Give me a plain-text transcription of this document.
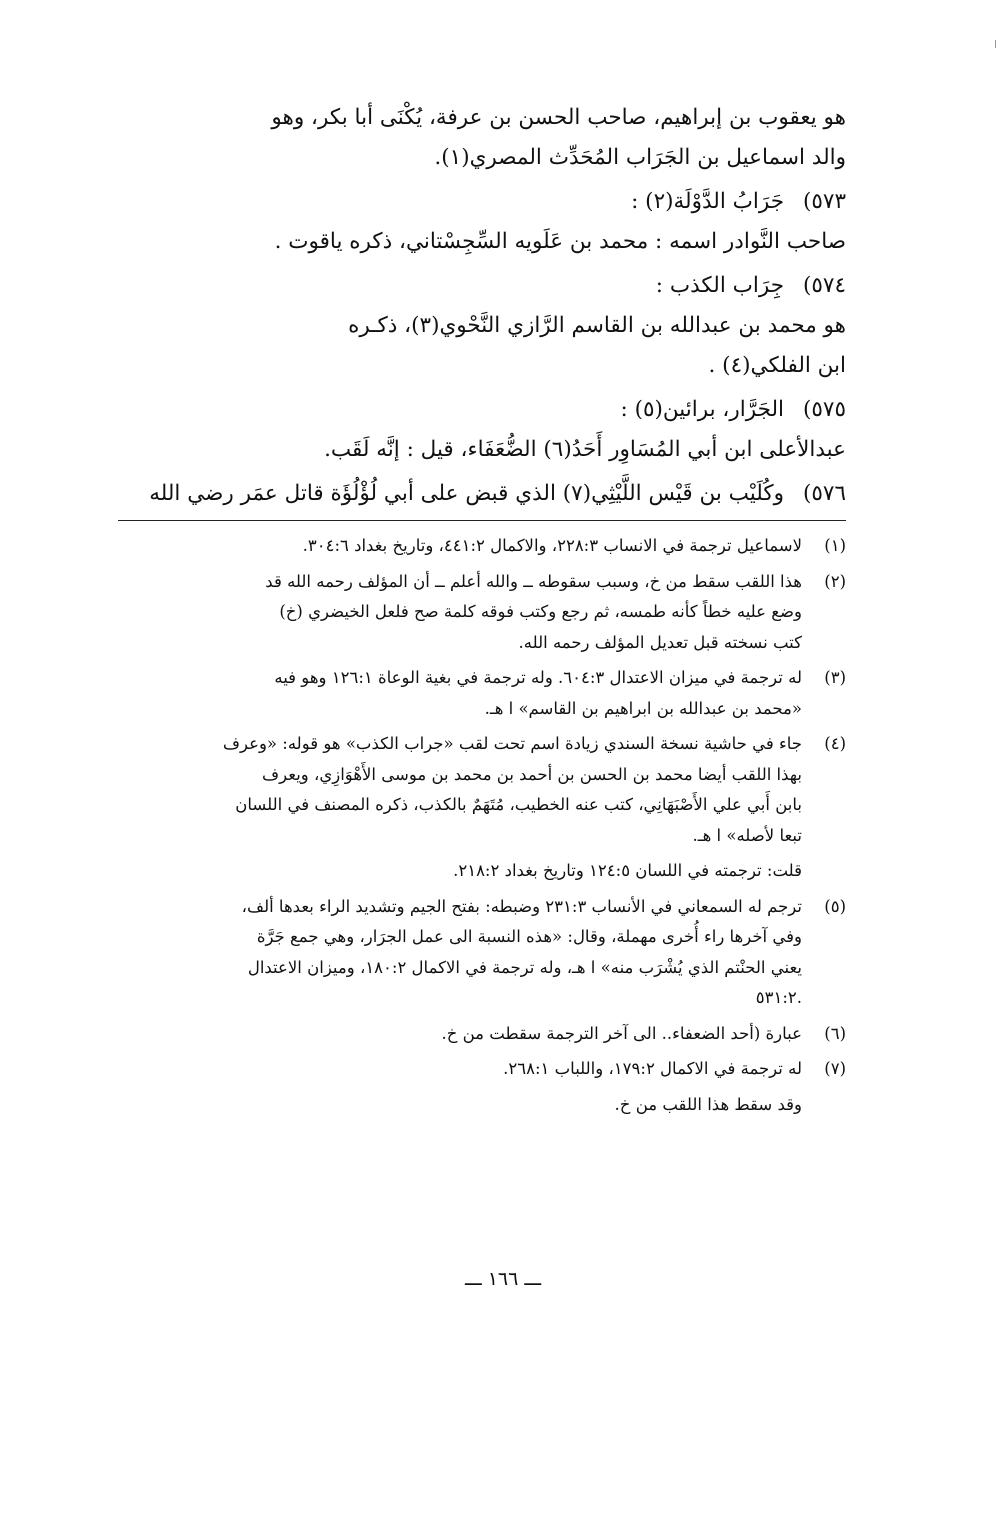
هو يعقوب بن إبراهيم، صاحب الحسن بن عرفة، يُكْنَى أبا بكر، وهو
والد اسماعيل بن الجَرَاب المُحَدِّث المصري(١).
٥٧٣)
جَرَابُ الدَّوْلَة(٢) :
صاحب النَّوادر اسمه : محمد بن عَلَويه السِّجِسْتاني، ذكره ياقوت .
٥٧٤)
جِرَاب الكذب :
هو محمد بن عبدالله بن القاسم الرَّازي النَّحْوي(٣)، ذكـره
ابن الفلكي(٤) .
٥٧٥)
الجَرَّار، برائين(٥) :
عبدالأعلى ابن أبي المُسَاوِر أَحَدُ(٦) الضُّعَفَاء، قيل : إنَّه لَقَب.
٥٧٦)
وكُلَيْب بن قَيْس اللَّيْثِي(٧) الذي قبض على أبي لُؤْلُؤَة قاتل عمَر رضي الله
(١)
لاسماعيل ترجمة في الانساب ٢٢٨:٣، والاكمال ٤٤١:٢، وتاريخ بغداد ٣٠٤:٦.
(٢)
هذا اللقب سقط من خ، وسبب سقوطه ــ والله أعلم ــ أن المؤلف رحمه الله قد
وضع عليه خطاً كأنه طمسه، ثم رجع وكتب فوقه كلمة صح فلعل الخيضري (خ)
كتب نسخته قبل تعديل المؤلف رحمه الله.
(٣)
له ترجمة في ميزان الاعتدال ٦٠٤:٣. وله ترجمة في بغية الوعاة ١٢٦:١ وهو فيه
«محمد بن عبدالله بن ابراهيم بن القاسم» ا هـ.
(٤)
جاء في حاشية نسخة السندي زيادة اسم تحت لقب «جراب الكذب» هو قوله: «وعرف
بهذا اللقب أيضا محمد بن الحسن بن أحمد بن محمد بن موسى الأَهْوَازِي، ويعرف
بابن أَبي علي الأَصْبَهَانِي، كتب عنه الخطيب، مُتَهَمٌ بالكذب، ذكره المصنف في اللسان
تبعا لأصله» ا هـ.
قلت: ترجمته في اللسان ١٢٤:٥ وتاريخ بغداد ٢١٨:٢.
(٥)
ترجم له السمعاني في الأنساب ٢٣١:٣ وضبطه: بفتح الجيم وتشديد الراء بعدها ألف،
وفي آخرها راء أُخرى مهملة، وقال: «هذه النسبة الى عمل الجرَار، وهي جمع جَرَّة
يعني الحنْتم الذي يُشْرَب منه» ا هـ، وله ترجمة في الاكمال ١٨٠:٢، وميزان الاعتدال
.٥٣١:٢
(٦)
عبارة (أحد الضعفاء.. الى آخر الترجمة سقطت من خ.
(٧)
له ترجمة في الاكمال ١٧٩:٢، واللباب ٢٦٨:١.
وقد سقط هذا اللقب من خ.
ـــ ١٦٦ ـــ
